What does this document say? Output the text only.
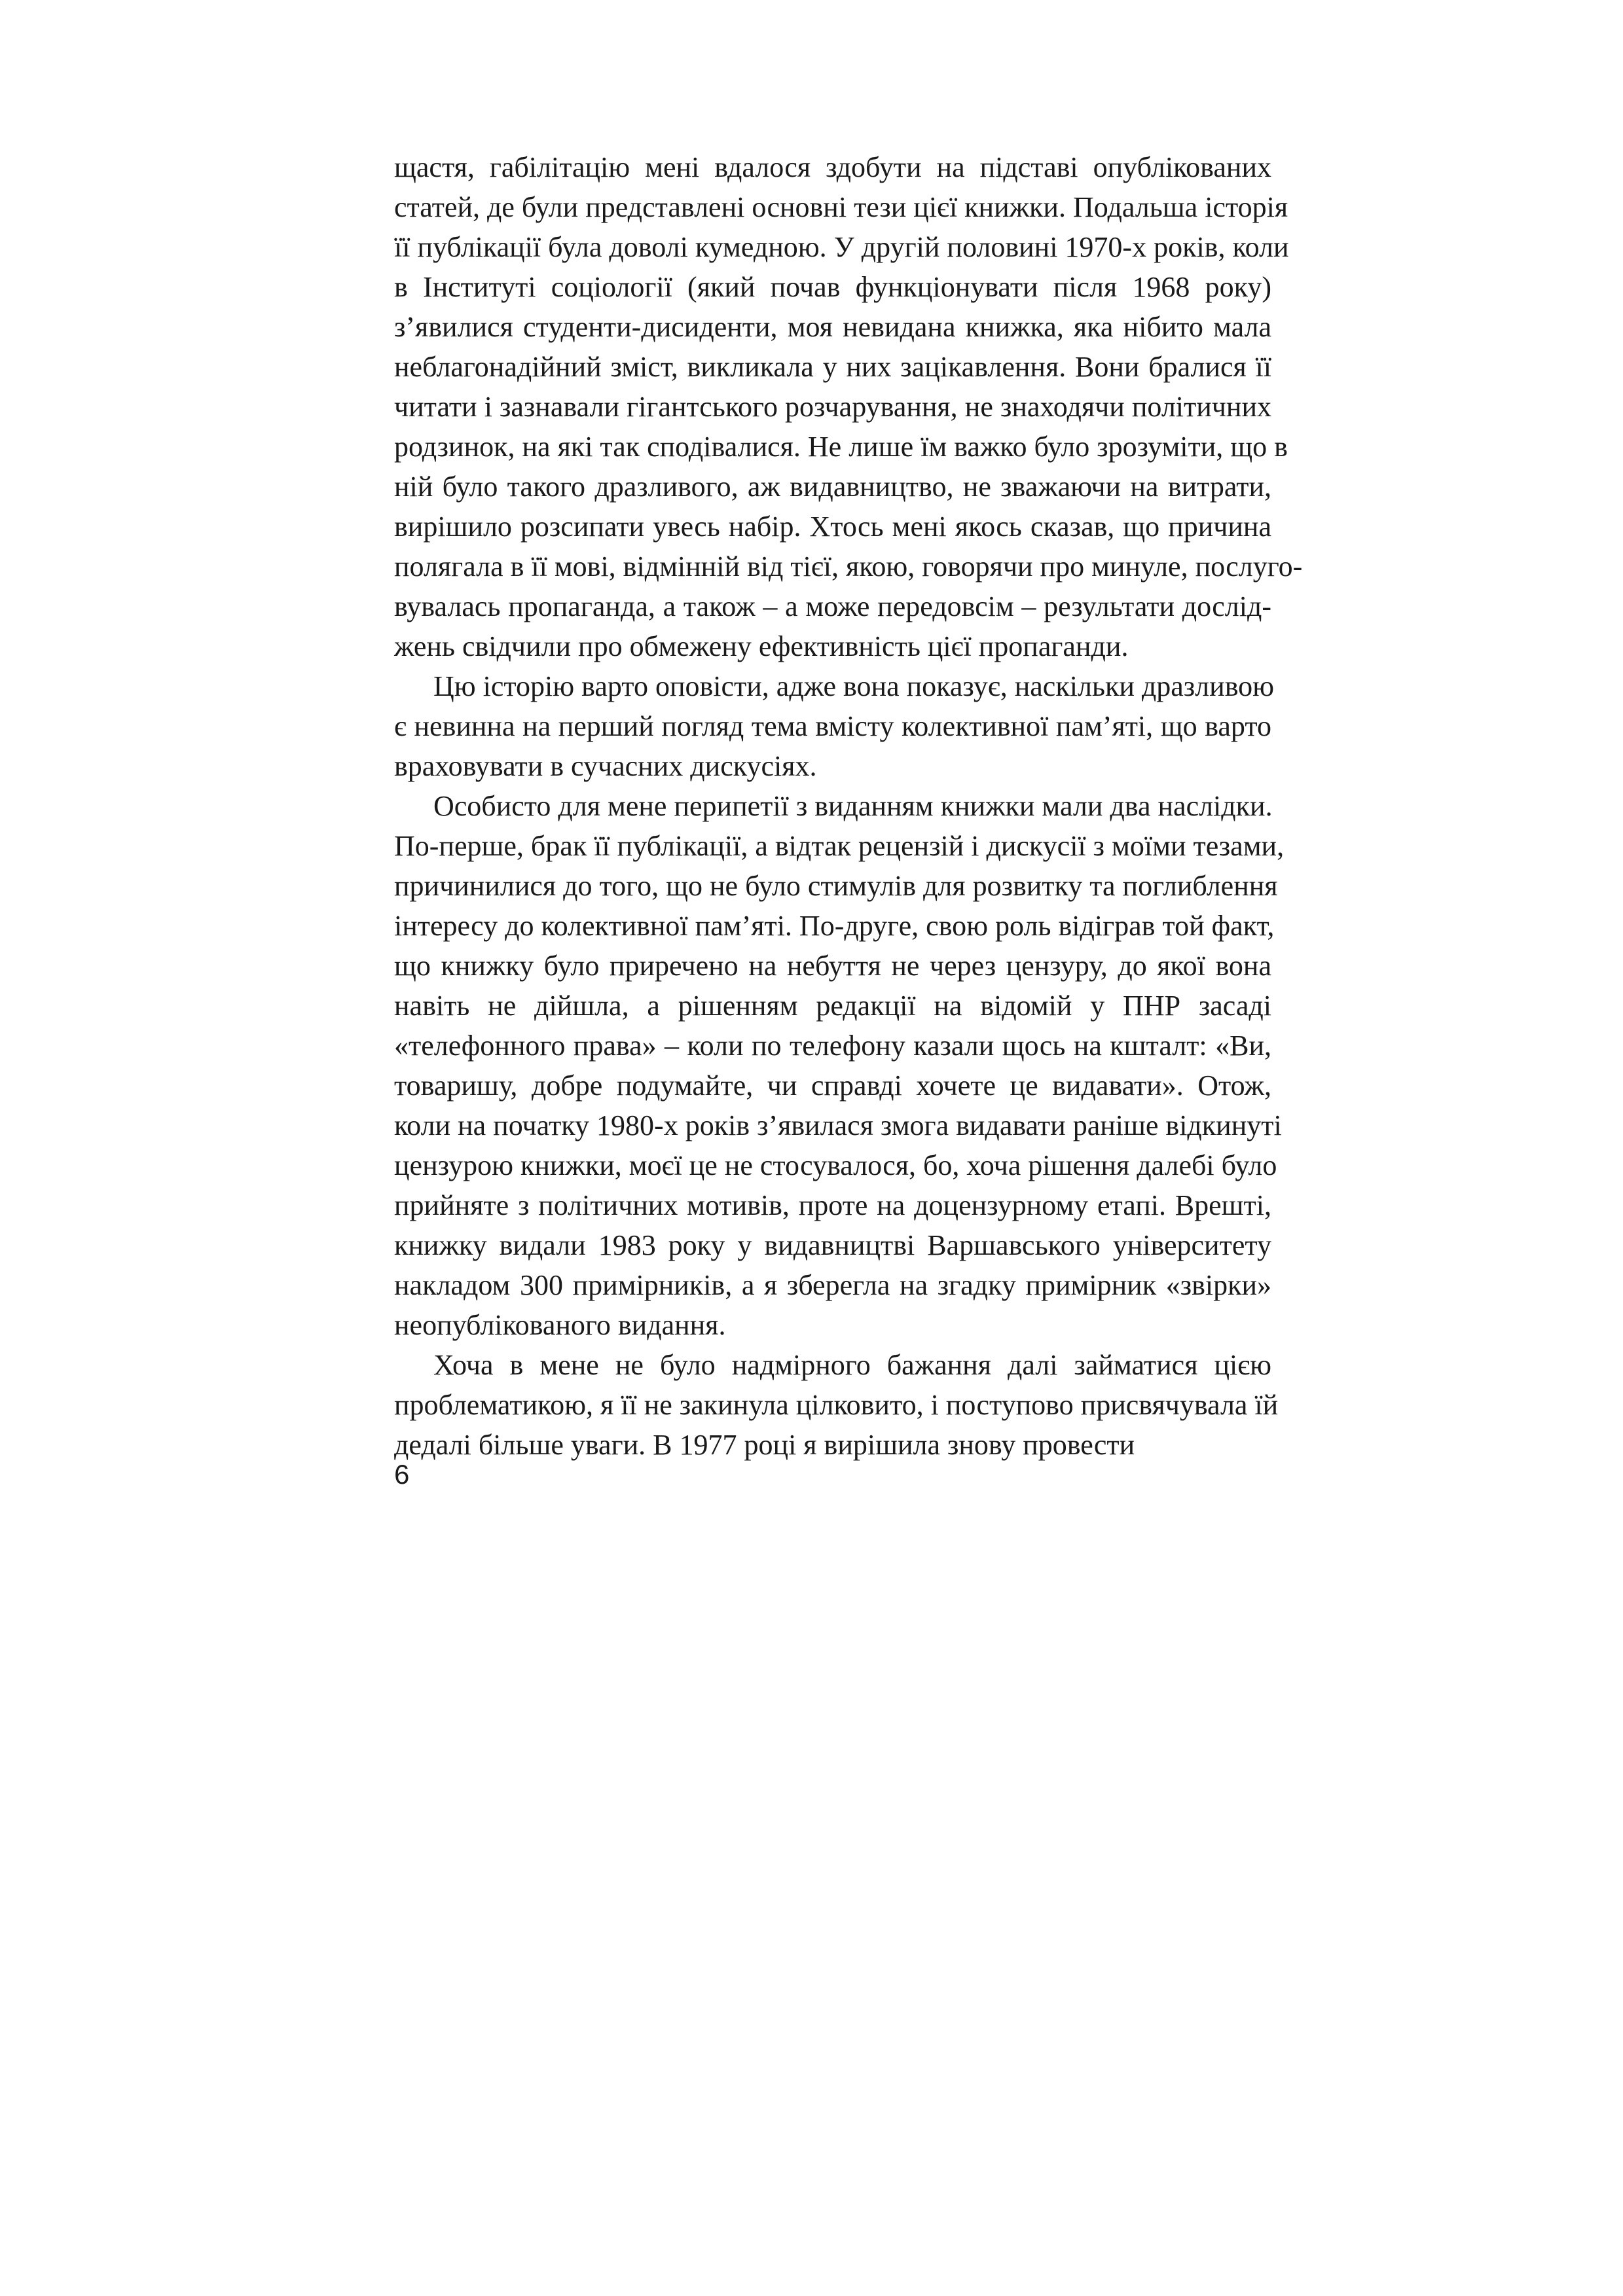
щастя, габілітацію мені вдалося здобути на підставі опублікованих
статей, де були представлені основні тези цієї книжки. Подальша історія
її публікації була доволі кумедною. У другій половині 1970-х років, коли
в Інституті соціології (який почав функціонувати після 1968 року)
з’явилися студенти-дисиденти, моя невидана книжка, яка нібито мала
неблагонадійний зміст, викликала у них зацікавлення. Вони бралися її
читати і зазнавали гігантського розчарування, не знаходячи політичних
родзинок, на які так сподівалися. Не лише їм важко було зрозуміти, що в
ній було такого дразливого, аж видавництво, не зважаючи на витрати,
вирішило розсипати увесь набір. Хтось мені якось сказав, що причина
полягала в її мові, відмінній від тієї, якою, говорячи про минуле, послуго-
вувалась пропаганда, а також – а може передовсім – результати дослід-
жень свідчили про обмежену ефективність цієї пропаганди.
Цю історію варто оповісти, адже вона показує, наскільки дразливою
є невинна на перший погляд тема вмісту колективної пам’яті, що варто
враховувати в сучасних дискусіях.
Особисто для мене перипетії з виданням книжки мали два наслідки.
По-перше, брак її публікації, а відтак рецензій і дискусії з моїми тезами,
причинилися до того, що не було стимулів для розвитку та поглиблення
інтересу до колективної пам’яті. По-друге, свою роль відіграв той факт,
що книжку було приречено на небуття не через цензуру, до якої вона
навіть не дійшла, а рішенням редакції на відомій у ПНР засаді
«телефонного права» – коли по телефону казали щось на кшталт: «Ви,
товаришу, добре подумайте, чи справді хочете це видавати». Отож,
коли на початку 1980-х років з’явилася змога видавати раніше відкинуті
цензурою книжки, моєї це не стосувалося, бо, хоча рішення далебі було
прийняте з політичних мотивів, проте на доцензурному етапі. Врешті,
книжку видали 1983 року у видавництві Варшавського університету
накладом 300 примірників, а я зберегла на згадку примірник «звірки»
неопублікованого видання.
Хоча в мене не було надмірного бажання далі займатися цією
проблематикою, я її не закинула цілковито, і поступово присвячувала їй
дедалі більше уваги. В 1977 році я вирішила знову провести
6
